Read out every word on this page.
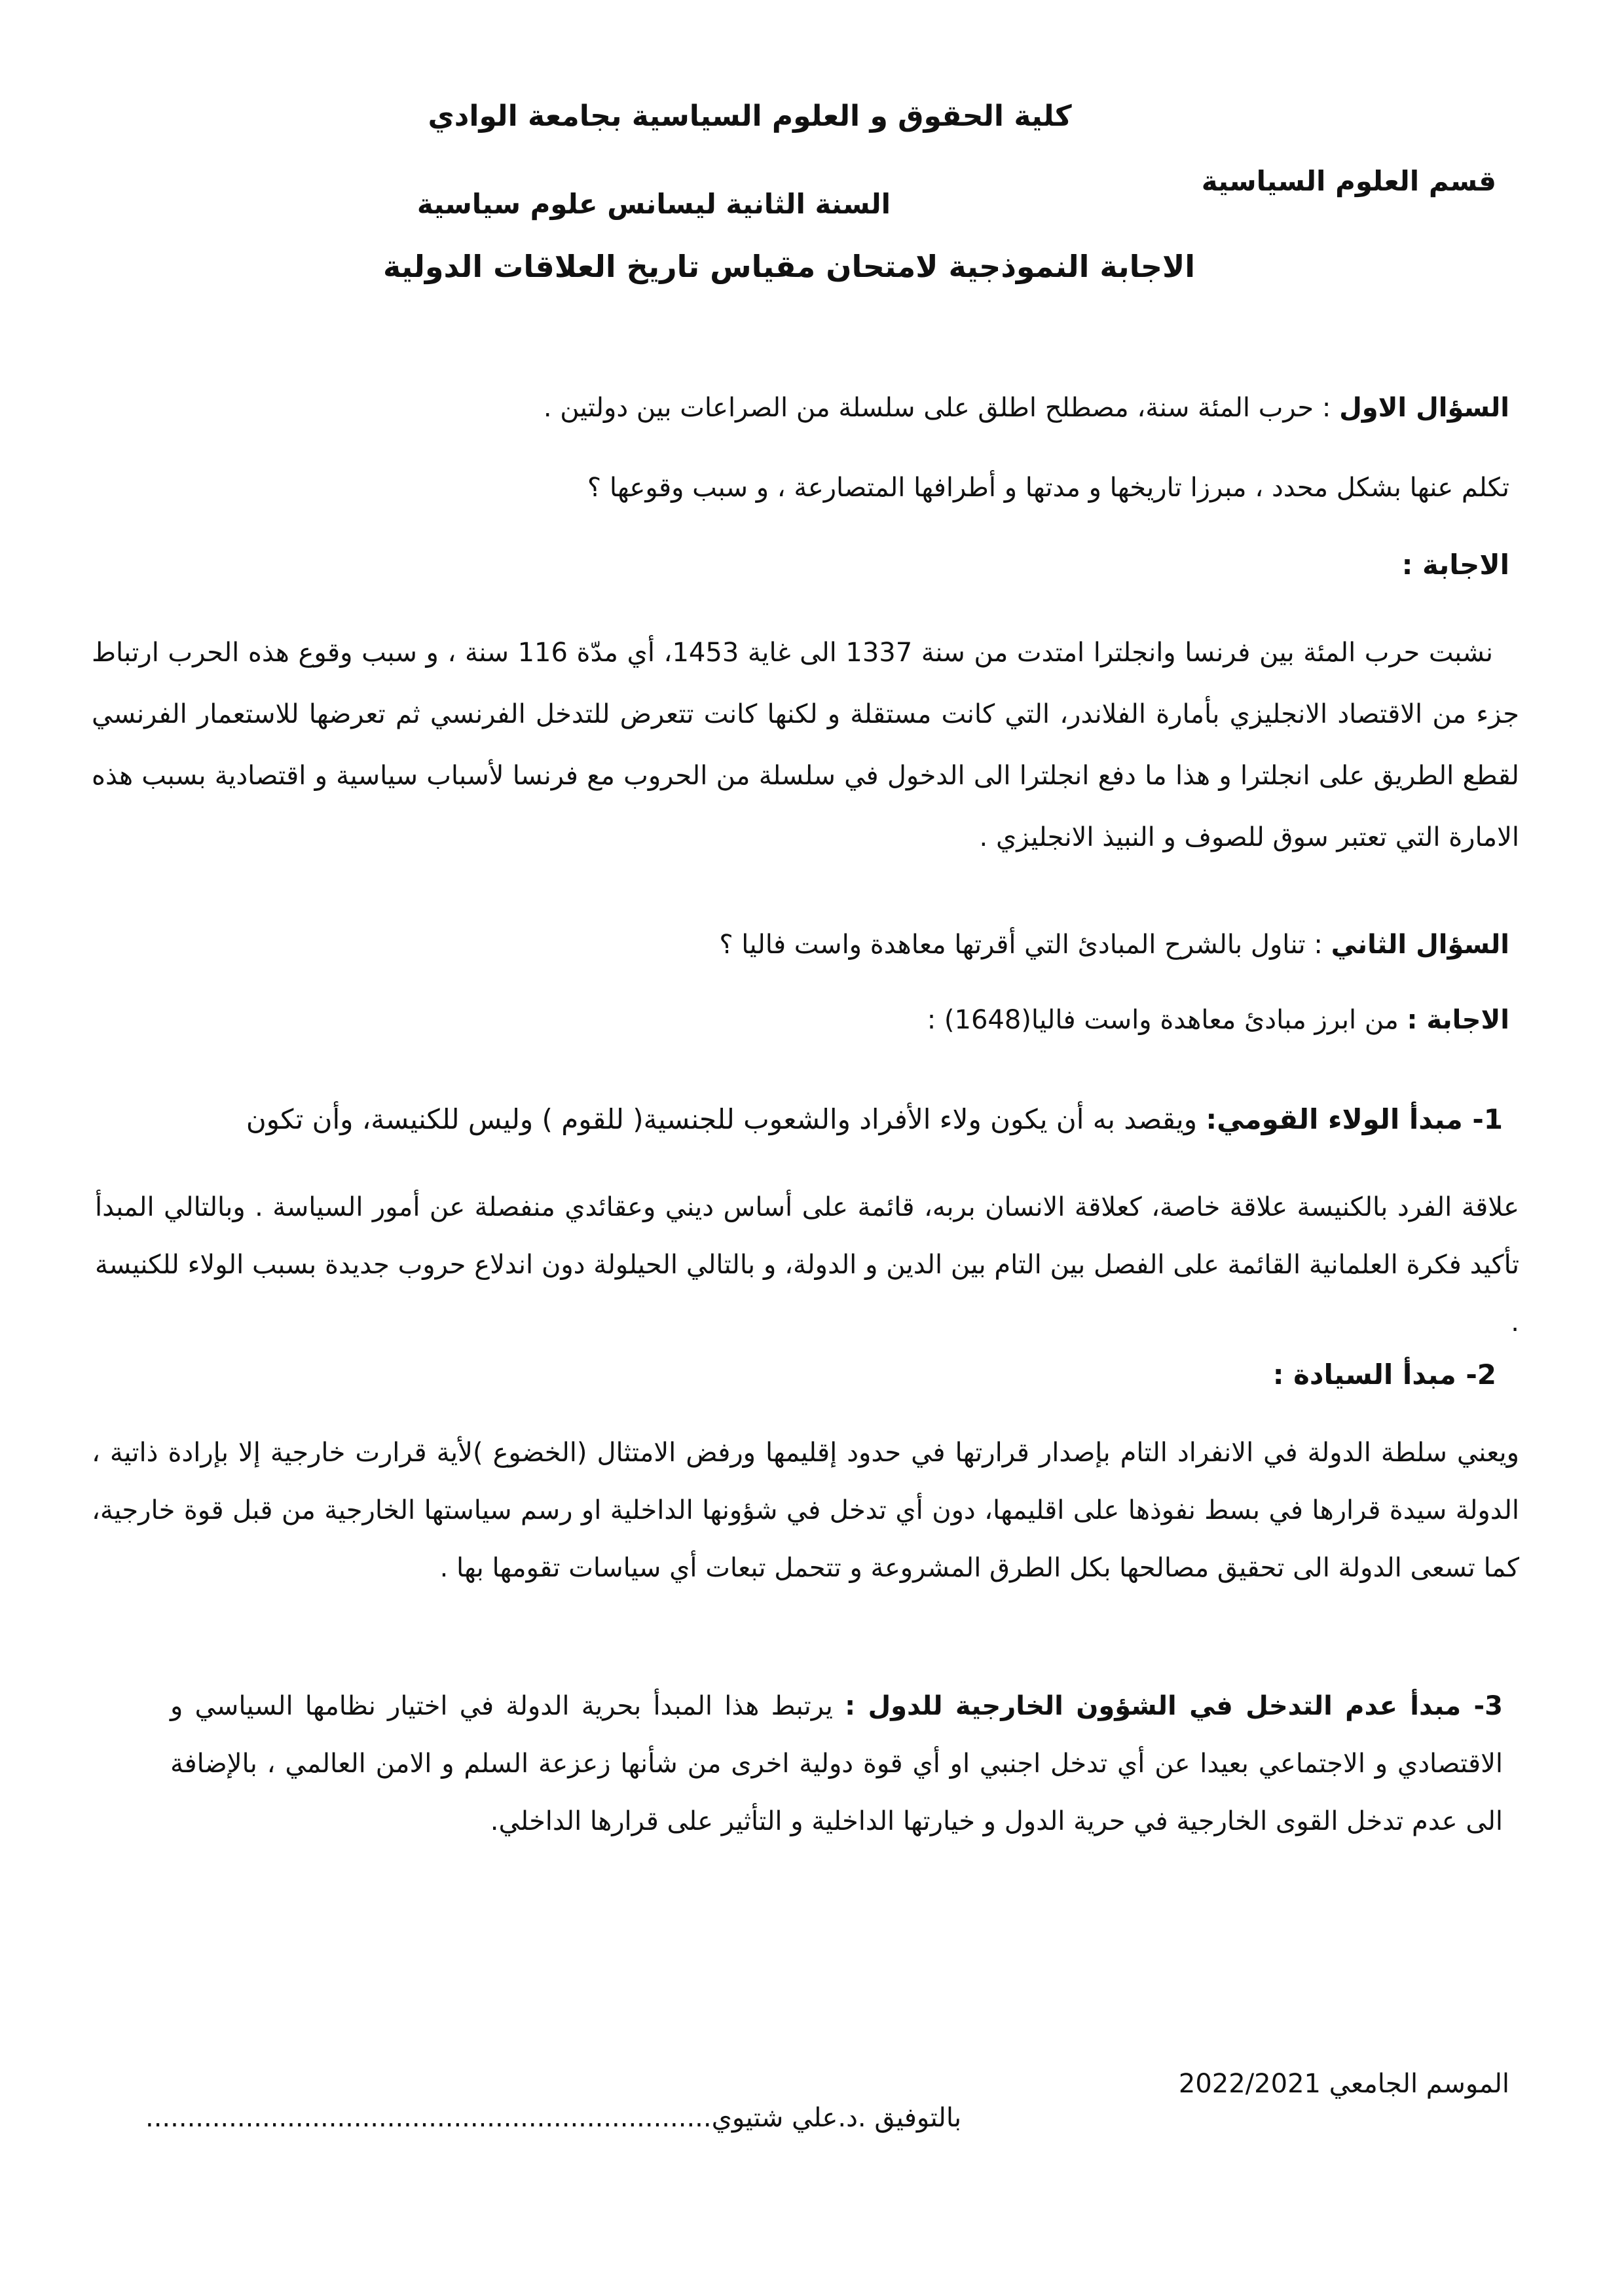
كلية الحقوق و العلوم السياسية بجامعة الوادي
قسم العلوم السياسية
السنة الثانية ليسانس علوم سياسية
الاجابة النموذجية لامتحان مقياس تاريخ العلاقات الدولية
السؤال الاول : حرب المئة سنة، مصطلح اطلق على سلسلة من الصراعات بين دولتين .
تكلم عنها بشكل محدد ، مبرزا تاريخها و مدتها و أطرافها المتصارعة ، و سبب وقوعها ؟
الاجابة :
نشبت حرب المئة بين فرنسا وانجلترا امتدت من سنة 1337 الى غاية 1453، أي مدّة 116 سنة ، و سبب وقوع هذه الحرب ارتباط جزء من الاقتصاد الانجليزي بأمارة الفلاندر، التي كانت مستقلة و لكنها كانت تتعرض للتدخل الفرنسي ثم تعرضها للاستعمار الفرنسي لقطع الطريق على انجلترا و هذا ما دفع انجلترا الى الدخول في سلسلة من الحروب مع فرنسا لأسباب سياسية و اقتصادية بسبب هذه الامارة التي تعتبر سوق للصوف و النبيذ الانجليزي .
السؤال الثاني : تناول بالشرح المبادئ التي أقرتها معاهدة واست فاليا ؟
الاجابة : من ابرز مبادئ معاهدة واست فاليا(1648) :
1- مبدأ الولاء القومي: ويقصد به أن يكون ولاء الأفراد والشعوب للجنسية( للقوم ) وليس للكنيسة، وأن تكون
علاقة الفرد بالكنيسة علاقة خاصة، كعلاقة الانسان بربه، قائمة على أساس ديني وعقائدي منفصلة عن أمور السياسة . وبالتالي المبدأ تأكيد فكرة العلمانية القائمة على الفصل بين التام بين الدين و الدولة، و بالتالي الحيلولة دون اندلاع حروب جديدة بسبب الولاء للكنيسة .
2- مبدأ السيادة :
ويعني سلطة الدولة في الانفراد التام بإصدار قرارتها في حدود إقليمها ورفض الامتثال (الخضوع )لأية قرارت خارجية إلا بإرادة ذاتية ، الدولة سيدة قرارها في بسط نفوذها على اقليمها، دون أي تدخل في شؤونها الداخلية او رسم سياستها الخارجية من قبل قوة خارجية، كما تسعى الدولة الى تحقيق مصالحها بكل الطرق المشروعة و تتحمل تبعات أي سياسات تقومها بها .
3- مبدأ عدم التدخل في الشؤون الخارجية للدول : يرتبط هذا المبدأ بحرية الدولة في اختيار نظامها السياسي و الاقتصادي و الاجتماعي بعيدا عن أي تدخل اجنبي او أي قوة دولية اخرى من شأنها زعزعة السلم و الامن العالمي ، بالإضافة الى عدم تدخل القوى الخارجية في حرية الدول و خيارتها الداخلية و التأثير على قرارها الداخلي.
الموسم الجامعي 2022/2021
بالتوفيق .د.علي شتيوي....................................................................
